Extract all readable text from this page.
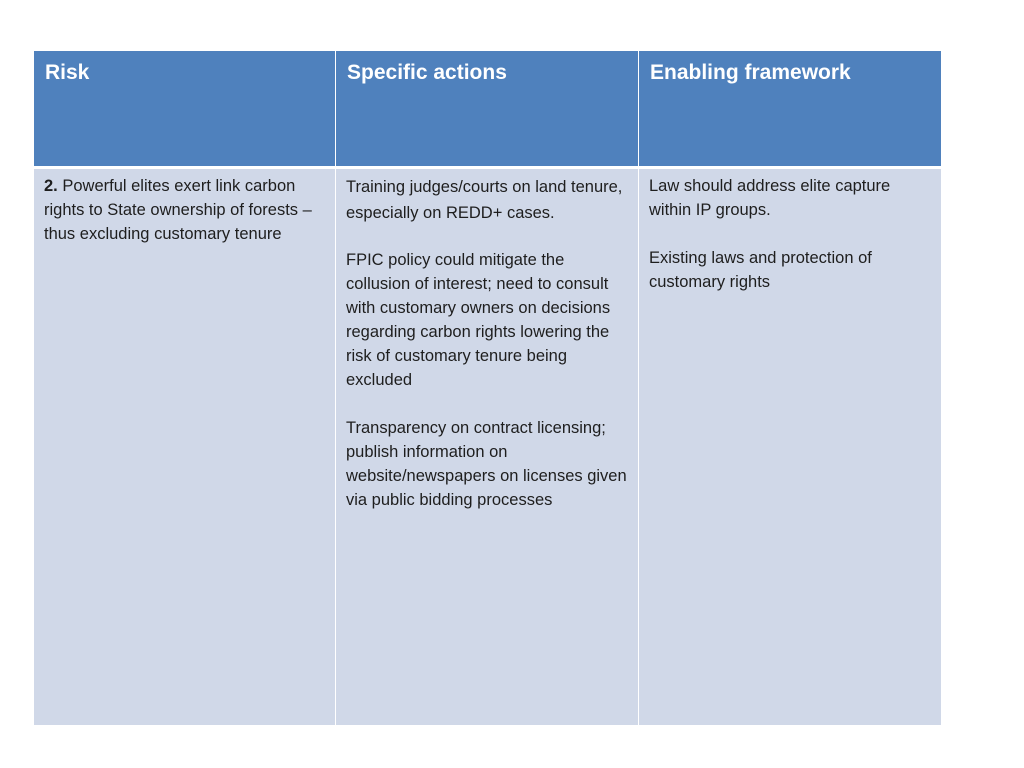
Risk	Specific actions	Enabling framework

2. Powerful elites exert link carbon rights to State ownership of forests – thus excluding customary tenure

Training judges/courts on land tenure, especially on REDD+ cases.

FPIC policy could mitigate the collusion of interest; need to consult with customary owners on decisions regarding carbon rights lowering the risk of customary tenure being excluded

Transparency on contract licensing; publish information on website/newspapers on licenses given via public bidding processes

Law should address elite capture within IP groups.

Existing laws and protection of customary rights
